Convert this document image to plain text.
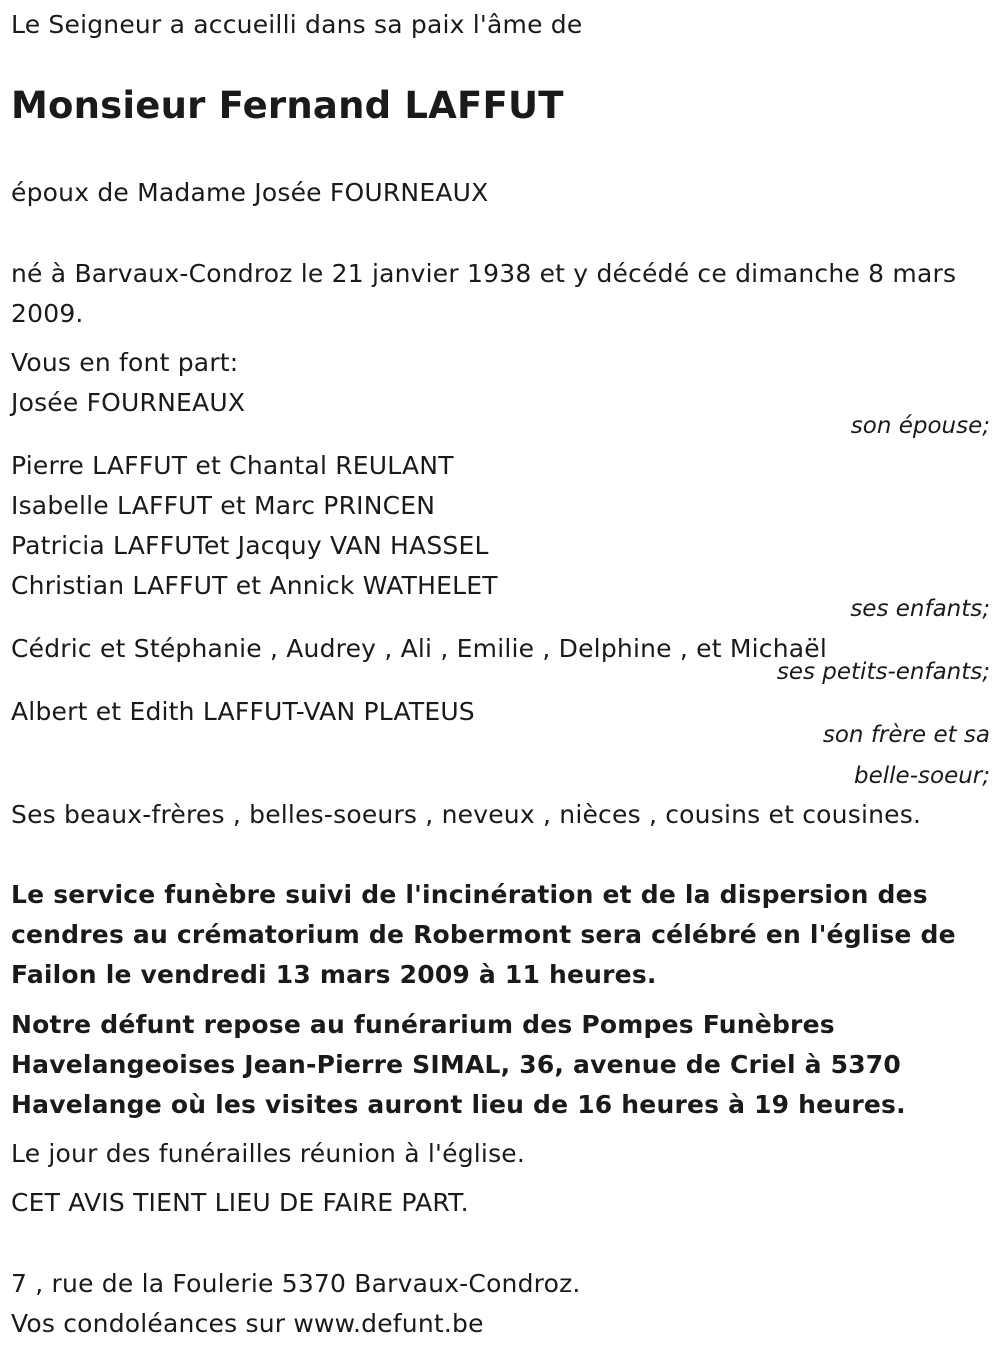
Le Seigneur a accueilli dans sa paix l'âme de
Monsieur Fernand LAFFUT
époux de Madame Josée FOURNEAUX
né à Barvaux-Condroz le 21 janvier 1938 et y décédé ce dimanche 8 mars
2009.
Vous en font part:
Josée FOURNEAUX
son épouse;
Pierre LAFFUT et Chantal REULANT
Isabelle LAFFUT et Marc PRINCEN
Patricia LAFFUTet Jacquy VAN HASSEL
Christian LAFFUT et Annick WATHELET
ses enfants;
Cédric et Stéphanie , Audrey , Ali , Emilie , Delphine , et Michaël
ses petits-enfants;
Albert et Edith LAFFUT-VAN PLATEUS
son frère et sa
belle-soeur;
Ses beaux-frères , belles-soeurs , neveux , nièces , cousins et cousines.
Le service funèbre suivi de l'incinération et de la dispersion des
cendres au crématorium de Robermont sera célébré en l'église de
Failon le vendredi 13 mars 2009 à 11 heures.
Notre défunt repose au funérarium des Pompes Funèbres
Havelangeoises Jean-Pierre SIMAL, 36, avenue de Criel à 5370
Havelange où les visites auront lieu de 16 heures à 19 heures.
Le jour des funérailles réunion à l'église.
CET AVIS TIENT LIEU DE FAIRE PART.
7 , rue de la Foulerie 5370 Barvaux-Condroz.
Vos condoléances sur www.defunt.be
